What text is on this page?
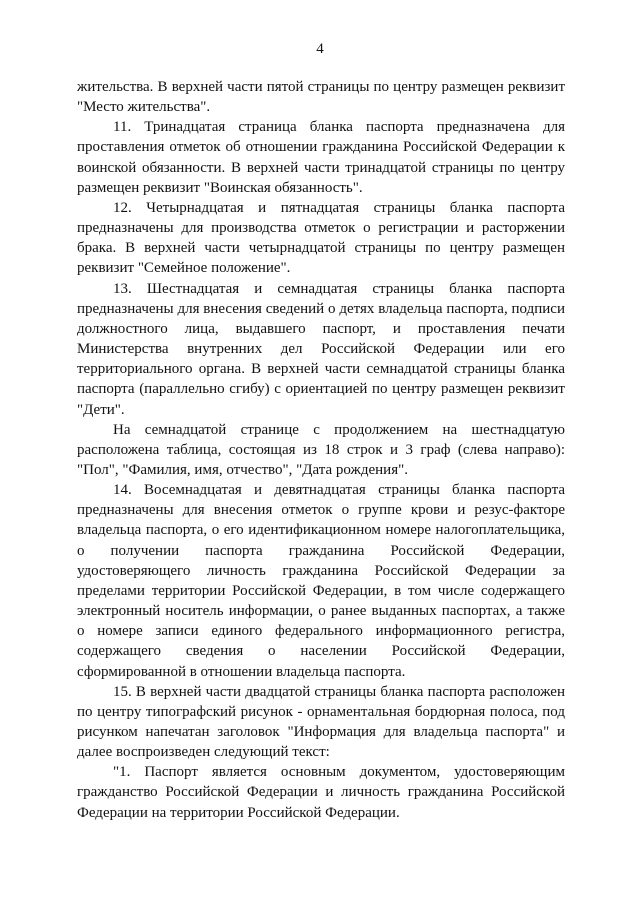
4

жительства. В верхней части пятой страницы по центру размещен реквизит "Место жительства".

11. Тринадцатая страница бланка паспорта предназначена для проставления отметок об отношении гражданина Российской Федерации к воинской обязанности. В верхней части тринадцатой страницы по центру размещен реквизит "Воинская обязанность".

12. Четырнадцатая и пятнадцатая страницы бланка паспорта предназначены для производства отметок о регистрации и расторжении брака. В верхней части четырнадцатой страницы по центру размещен реквизит "Семейное положение".

13. Шестнадцатая и семнадцатая страницы бланка паспорта предназначены для внесения сведений о детях владельца паспорта, подписи должностного лица, выдавшего паспорт, и проставления печати Министерства внутренних дел Российской Федерации или его территориального органа. В верхней части семнадцатой страницы бланка паспорта (параллельно сгибу) с ориентацией по центру размещен реквизит "Дети".

На семнадцатой странице с продолжением на шестнадцатую расположена таблица, состоящая из 18 строк и 3 граф (слева направо): "Пол", "Фамилия, имя, отчество", "Дата рождения".

14. Восемнадцатая и девятнадцатая страницы бланка паспорта предназначены для внесения отметок о группе крови и резус-факторе владельца паспорта, о его идентификационном номере налогоплательщика, о получении паспорта гражданина Российской Федерации, удостоверяющего личность гражданина Российской Федерации за пределами территории Российской Федерации, в том числе содержащего электронный носитель информации, о ранее выданных паспортах, а также о номере записи единого федерального информационного регистра, содержащего сведения о населении Российской Федерации, сформированной в отношении владельца паспорта.

15. В верхней части двадцатой страницы бланка паспорта расположен по центру типографский рисунок - орнаментальная бордюрная полоса, под рисунком напечатан заголовок "Информация для владельца паспорта" и далее воспроизведен следующий текст:

"1. Паспорт является основным документом, удостоверяющим гражданство Российской Федерации и личность гражданина Российской Федерации на территории Российской Федерации.
